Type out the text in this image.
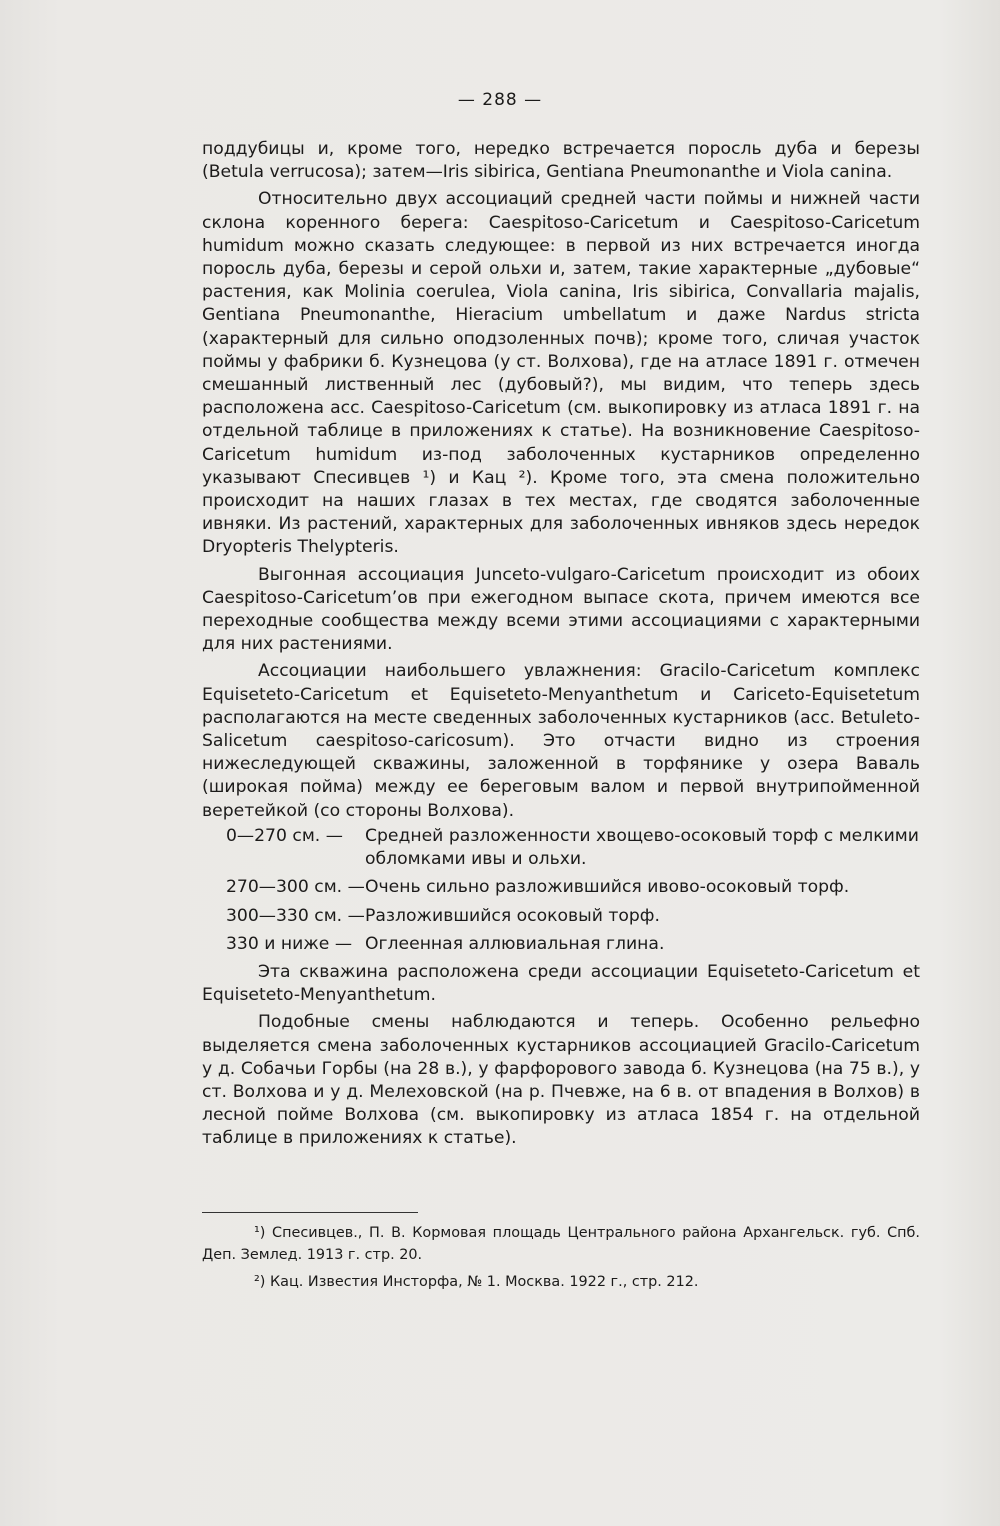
— 288 —

поддубицы и, кроме того, нередко встречается поросль дуба и березы (Betula verrucosa); затем—Iris sibirica, Gentiana Pneumonanthe и Viola canina.

Относительно двух ассоциаций средней части поймы и нижней части склона коренного берега: Caespitoso-Caricetum и Caespitoso-Caricetum humidum можно сказать следующее: в первой из них встречается иногда поросль дуба, березы и серой ольхи и, затем, такие характерные „дубовые“ растения, как Molinia coerulea, Viola canina, Iris sibirica, Convallaria majalis, Gentiana Pneumonanthe, Hieracium umbellatum и даже Nardus stricta (характерный для сильно оподзоленных почв); кроме того, сличая участок поймы у фабрики б. Кузнецова (у ст. Волхова), где на атласе 1891 г. отмечен смешанный лиственный лес (дубовый?), мы видим, что теперь здесь расположена асс. Caespitoso-Caricetum (см. выкопировку из атласа 1891 г. на отдельной таблице в приложениях к статье). На возникновение Caespitoso-Caricetum humidum из-под заболоченных кустарников определенно указывают Спесивцев ¹) и Кац ²). Кроме того, эта смена положительно происходит на наших глазах в тех местах, где сводятся заболоченные ивняки. Из растений, характерных для заболоченных ивняков здесь нередок Dryopteris Thelypteris.

Выгонная ассоциация Junceto-vulgaro-Caricetum происходит из обоих Caespitoso-Caricetum’ов при ежегодном выпасе скота, причем имеются все переходные сообщества между всеми этими ассоциациями с характерными для них растениями.

Ассоциации наибольшего увлажнения: Gracilo-Caricetum комплекс Equiseteto-Caricetum et Equiseteto-Menyanthetum и Cariceto-Equisetetum располагаются на месте сведенных заболоченных кустарников (асс. Betuleto-Salicetum caespitoso-caricosum). Это отчасти видно из строения нижеследующей скважины, заложенной в торфянике у озера Ваваль (широкая пойма) между ее береговым валом и первой внутрипойменной веретейкой (со стороны Волхова).

0—270 см. —	Средней разложенности хвощево-осоковый торф с мелкими обломками ивы и ольхи.
270—300 см. — Очень сильно разложившийся ивово-осоковый торф.
300—330 см. — Разложившийся осоковый торф.
330 и ниже — Оглеенная аллювиальная глина.

Эта скважина расположена среди ассоциации Equiseteto-Caricetum et Equiseteto-Menyanthetum.

Подобные смены наблюдаются и теперь. Особенно рельефно выделяется смена заболоченных кустарников ассоциацией Gracilo-Caricetum у д. Собачьи Горбы (на 28 в.), у фарфорового завода б. Кузнецова (на 75 в.), у ст. Волхова и у д. Мелеховской (на р. Пчевже, на 6 в. от впадения в Волхов) в лесной пойме Волхова (см. выкопировку из атласа 1854 г. на отдельной таблице в приложениях к статье).

¹) Спесивцев., П. В. Кормовая площадь Центрального района Архангельск. губ. Спб. Деп. Землед. 1913 г. стр. 20.

²) Кац. Известия Инсторфа, № 1. Москва. 1922 г., стр. 212.
